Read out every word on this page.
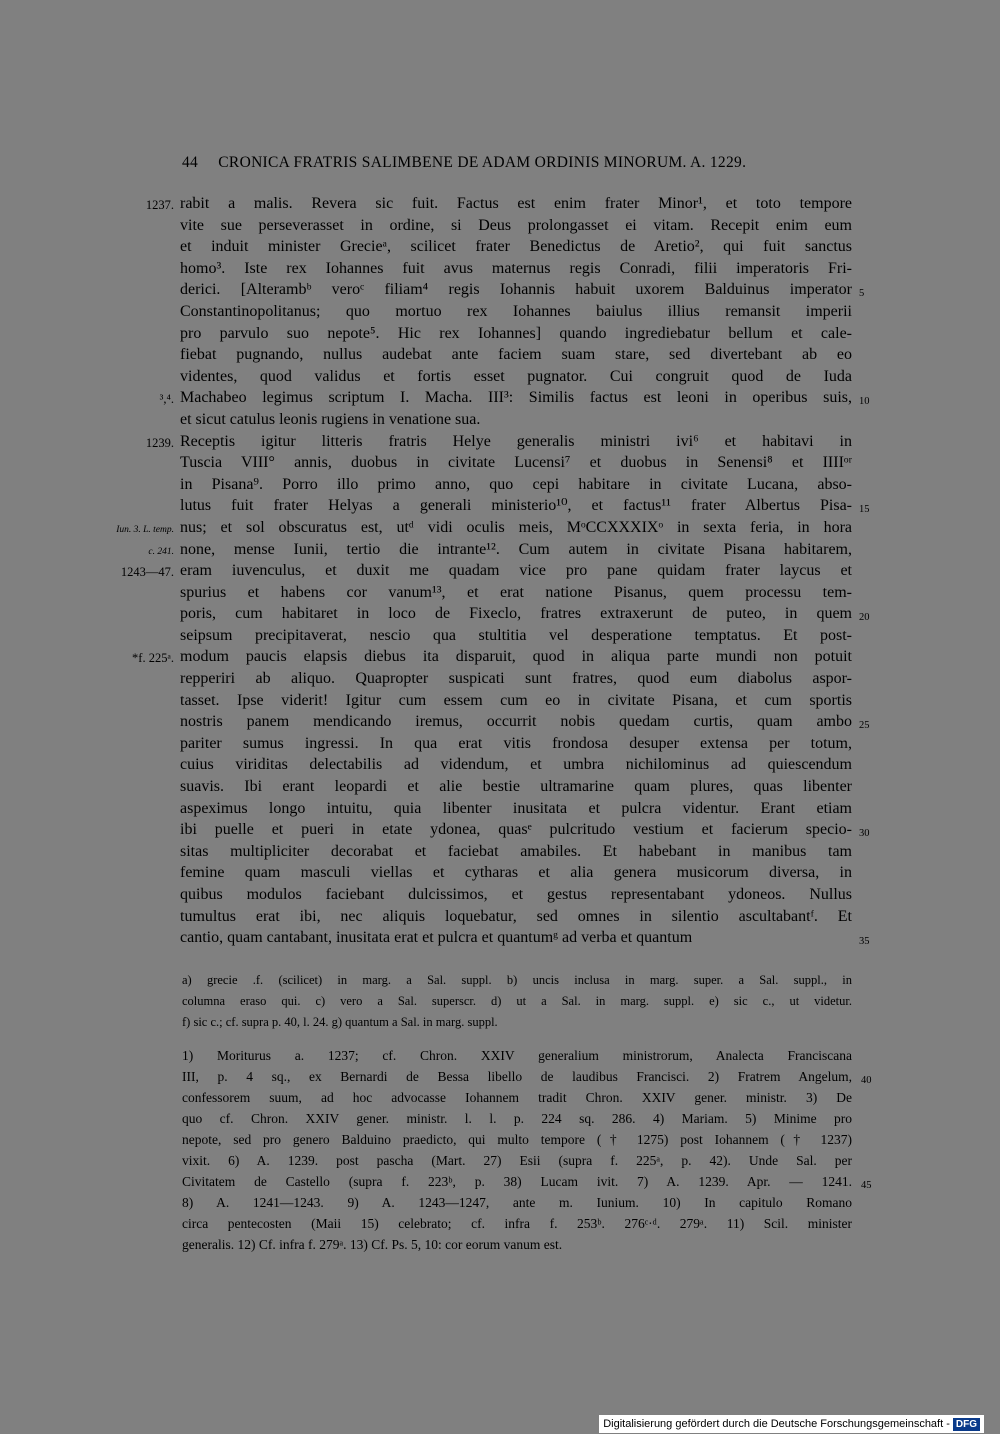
44 CRONICA FRATRIS SALIMBENE DE ADAM ORDINIS MINORUM. A. 1229.
1237. rabit a malis. Revera sic fuit. Factus est enim frater Minor¹, et toto tempore
vite sue perseverasset in ordine, si Deus prolongasset ei vitam. Recepit enim eum
et induit minister Grecieᵃ, scilicet frater Benedictus de Aretio², qui fuit sanctus
homo³. Iste rex Iohannes fuit avus maternus regis Conradi, filii imperatoris Fri-
derici. [Alterambᵇ veroᶜ filiam⁴ regis Iohannis habuit uxorem Balduinus imperator 5
Constantinopolitanus; quo mortuo rex Iohannes baiulus illius remansit imperii
pro parvulo suo nepote⁵. Hic rex Iohannes] quando ingrediebatur bellum et cale-
fiebat pugnando, nullus audebat ante faciem suam stare, sed divertebant ab eo
videntes, quod validus et fortis esset pugnator. Cui congruit quod de Iuda
³,⁴. Machabeo legimus scriptum I. Macha. III³: Similis factus est leoni in operibus suis, 10
et sicut catulus leonis rugiens in venatione sua.
1239. Receptis igitur litteris fratris Helye generalis ministri ivi⁶ et habitavi in
Tuscia VIII° annis, duobus in civitate Lucensi⁷ et duobus in Senensi⁸ et IIIIᵒʳ
in Pisana⁹. Porro illo primo anno, quo cepi habitare in civitate Lucana, abso-
lutus fuit frater Helyas a generali ministerio¹⁰, et factus¹¹ frater Albertus Pisa- 15
Iun. 3. L. temp. nus; et sol obscuratus est, utᵈ vidi oculis meis, MᵒCCXXXIXᵒ in sexta feria, in hora
c. 241. none, mense Iunii, tertio die intrante¹². Cum autem in civitate Pisana habitarem,
1243—47. eram iuvenculus, et duxit me quadam vice pro pane quidam frater laycus et
spurius et habens cor vanum¹³, et erat natione Pisanus, quem processu tem-
poris, cum habitaret in loco de Fixeclo, fratres extraxerunt de puteo, in quem 20
seipsum precipitaverat, nescio qua stultitia vel desperatione temptatus. Et post-
*f. 225ᵃ. modum paucis elapsis diebus ita disparuit, quod in aliqua parte mundi non potuit
repperiri ab aliquo. Quapropter suspicati sunt fratres, quod eum diabolus aspor-
tasset. Ipse viderit! Igitur cum essem cum eo in civitate Pisana, et cum sportis
nostris panem mendicando iremus, occurrit nobis quedam curtis, quam ambo 25
pariter sumus ingressi. In qua erat vitis frondosa desuper extensa per totum,
cuius viriditas delectabilis ad videndum, et umbra nichilominus ad quiescendum
suavis. Ibi erant leopardi et alie bestie ultramarine quam plures, quas libenter
aspeximus longo intuitu, quia libenter inusitata et pulcra videntur. Erant etiam
ibi puelle et pueri in etate ydonea, quasᵉ pulcritudo vestium et facierum specio- 30
sitas multipliciter decorabat et faciebat amabiles. Et habebant in manibus tam
femine quam masculi viellas et cytharas et alia genera musicorum diversa, in
quibus modulos faciebant dulcissimos, et gestus representabant ydoneos. Nullus
tumultus erat ibi, nec aliquis loquebatur, sed omnes in silentio ascultabantᶠ. Et
cantio, quam cantabant, inusitata erat et pulcra et quantumᵍ ad verba et quantum	35
a) grecie .f. (scilicet) in marg. a Sal. suppl. b) uncis inclusa in marg. super. a Sal. suppl., in
columna eraso qui. c) vero a Sal. superscr. d) ut a Sal. in marg. suppl. e) sic c., ut videtur.
f) sic c.; cf. supra p. 40, l. 24. g) quantum a Sal. in marg. suppl.
1) Moriturus a. 1237; cf. Chron. XXIV generalium ministrorum, Analecta Franciscana
III, p. 4 sq., ex Bernardi de Bessa libello de laudibus Francisci. 2) Fratrem Angelum, 40
confessorem suum, ad hoc advocasse Iohannem tradit Chron. XXIV gener. ministr. 3) De
quo cf. Chron. XXIV gener. ministr. l. l. p. 224 sq. 286. 4) Mariam. 5) Minime pro
nepote, sed pro genero Balduino praedicto, qui multo tempore († 1275) post Iohannem († 1237)
vixit. 6) A. 1239. post pascha (Mart. 27) Esii (supra f. 225ᵃ, p. 42). Unde Sal. per
Civitatem de Castello (supra f. 223ᵇ, p. 38) Lucam ivit. 7) A. 1239. Apr. — 1241. 45
8) A. 1241—1243. 9) A. 1243—1247, ante m. Iunium. 10) In capitulo Romano
circa pentecosten (Maii 15) celebrato; cf. infra f. 253ᵇ. 276ᶜ·ᵈ. 279ᵃ. 11) Scil. minister
generalis. 12) Cf. infra f. 279ᵃ. 13) Cf. Ps. 5, 10: cor eorum vanum est.
Digitalisierung gefördert durch die Deutsche Forschungsgemeinschaft - DFG
